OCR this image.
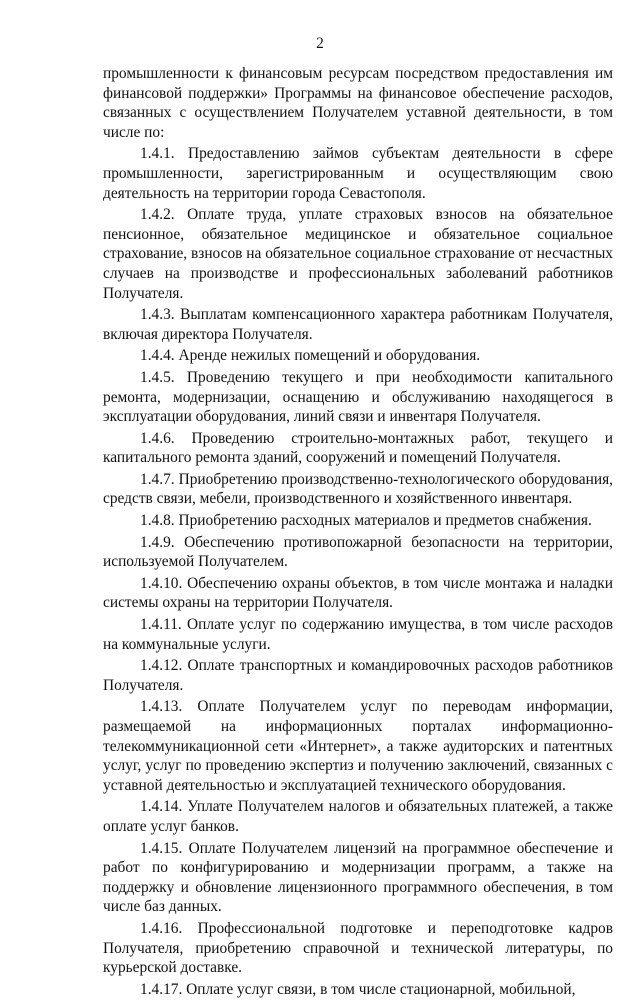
2

промышленности к финансовым ресурсам посредством предоставления им финансовой поддержки» Программы на финансовое обеспечение расходов, связанных с осуществлением Получателем уставной деятельности, в том числе по:

1.4.1. Предоставлению займов субъектам деятельности в сфере промышленности, зарегистрированным и осуществляющим свою деятельность на территории города Севастополя.

1.4.2. Оплате труда, уплате страховых взносов на обязательное пенсионное, обязательное медицинское и обязательное социальное страхование, взносов на обязательное социальное страхование от несчастных случаев на производстве и профессиональных заболеваний работников Получателя.

1.4.3. Выплатам компенсационного характера работникам Получателя, включая директора Получателя.

1.4.4. Аренде нежилых помещений и оборудования.

1.4.5. Проведению текущего и при необходимости капитального ремонта, модернизации, оснащению и обслуживанию находящегося в эксплуатации оборудования, линий связи и инвентаря Получателя.

1.4.6. Проведению строительно-монтажных работ, текущего и капитального ремонта зданий, сооружений и помещений Получателя.

1.4.7. Приобретению производственно-технологического оборудования, средств связи, мебели, производственного и хозяйственного инвентаря.

1.4.8. Приобретению расходных материалов и предметов снабжения.

1.4.9. Обеспечению противопожарной безопасности на территории, используемой Получателем.

1.4.10. Обеспечению охраны объектов, в том числе монтажа и наладки системы охраны на территории Получателя.

1.4.11. Оплате услуг по содержанию имущества, в том числе расходов на коммунальные услуги.

1.4.12. Оплате транспортных и командировочных расходов работников Получателя.

1.4.13. Оплате Получателем услуг по переводам информации, размещаемой на информационных порталах информационно-телекоммуникационной сети «Интернет», а также аудиторских и патентных услуг, услуг по проведению экспертиз и получению заключений, связанных с уставной деятельностью и эксплуатацией технического оборудования.

1.4.14. Уплате Получателем налогов и обязательных платежей, а также оплате услуг банков.

1.4.15. Оплате Получателем лицензий на программное обеспечение и работ по конфигурированию и модернизации программ, а также на поддержку и обновление лицензионного программного обеспечения, в том числе баз данных.

1.4.16. Профессиональной подготовке и переподготовке кадров Получателя, приобретению справочной и технической литературы, по курьерской доставке.

1.4.17. Оплате услуг связи, в том числе стационарной, мобильной,
